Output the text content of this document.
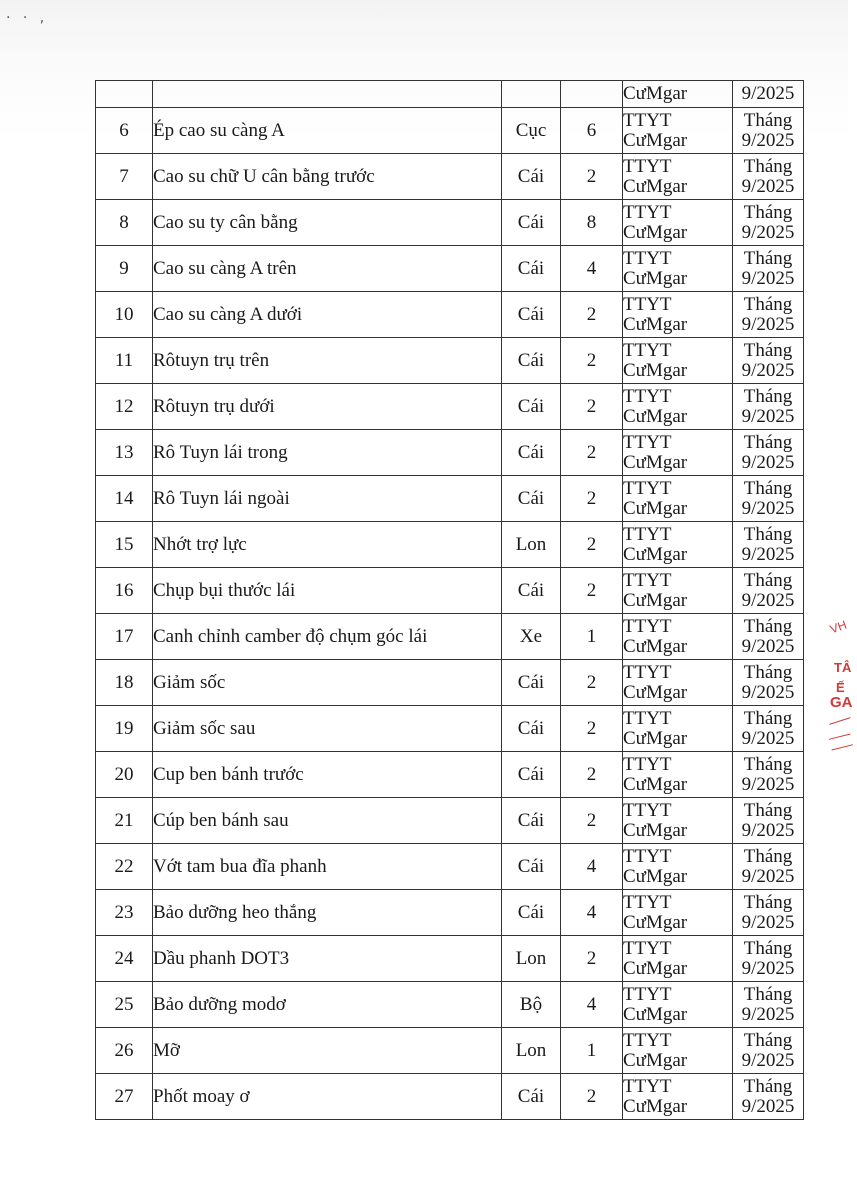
· · ,

				CưMgar	9/2025

6	Ép cao su càng A	Cục	6	TTYT
CưMgar	Tháng
9/2025

7	Cao su chữ U cân bằng trước	Cái	2	TTYT
CưMgar	Tháng
9/2025

8	Cao su ty cân bằng	Cái	8	TTYT
CưMgar	Tháng
9/2025

9	Cao su càng A trên	Cái	4	TTYT
CưMgar	Tháng
9/2025

10	Cao su càng A dưới	Cái	2	TTYT
CưMgar	Tháng
9/2025

11	Rôtuyn trụ trên	Cái	2	TTYT
CưMgar	Tháng
9/2025

12	Rôtuyn trụ dưới	Cái	2	TTYT
CưMgar	Tháng
9/2025

13	Rô Tuyn lái trong	Cái	2	TTYT
CưMgar	Tháng
9/2025

14	Rô Tuyn lái ngoài	Cái	2	TTYT
CưMgar	Tháng
9/2025

15	Nhớt trợ lực	Lon	2	TTYT
CưMgar	Tháng
9/2025

16	Chụp bụi thước lái	Cái	2	TTYT
CưMgar	Tháng
9/2025

17	Canh chỉnh camber độ chụm góc lái	Xe	1	TTYT
CưMgar	Tháng
9/2025

18	Giảm sốc	Cái	2	TTYT
CưMgar	Tháng
9/2025

19	Giảm sốc sau	Cái	2	TTYT
CưMgar	Tháng
9/2025

20	Cup ben bánh trước	Cái	2	TTYT
CưMgar	Tháng
9/2025

21	Cúp ben bánh sau	Cái	2	TTYT
CưMgar	Tháng
9/2025

22	Vớt tam bua đĩa phanh	Cái	4	TTYT
CưMgar	Tháng
9/2025

23	Bảo dưỡng heo thắng	Cái	4	TTYT
CưMgar	Tháng
9/2025

24	Dầu phanh DOT3	Lon	2	TTYT
CưMgar	Tháng
9/2025

25	Bảo dưỡng modơ	Bộ	4	TTYT
CưMgar	Tháng
9/2025

26	Mỡ	Lon	1	TTYT
CưMgar	Tháng
9/2025

27	Phốt moay ơ	Cái	2	TTYT
CưMgar	Tháng
9/2025
VH
TÂ
Ế
GA
